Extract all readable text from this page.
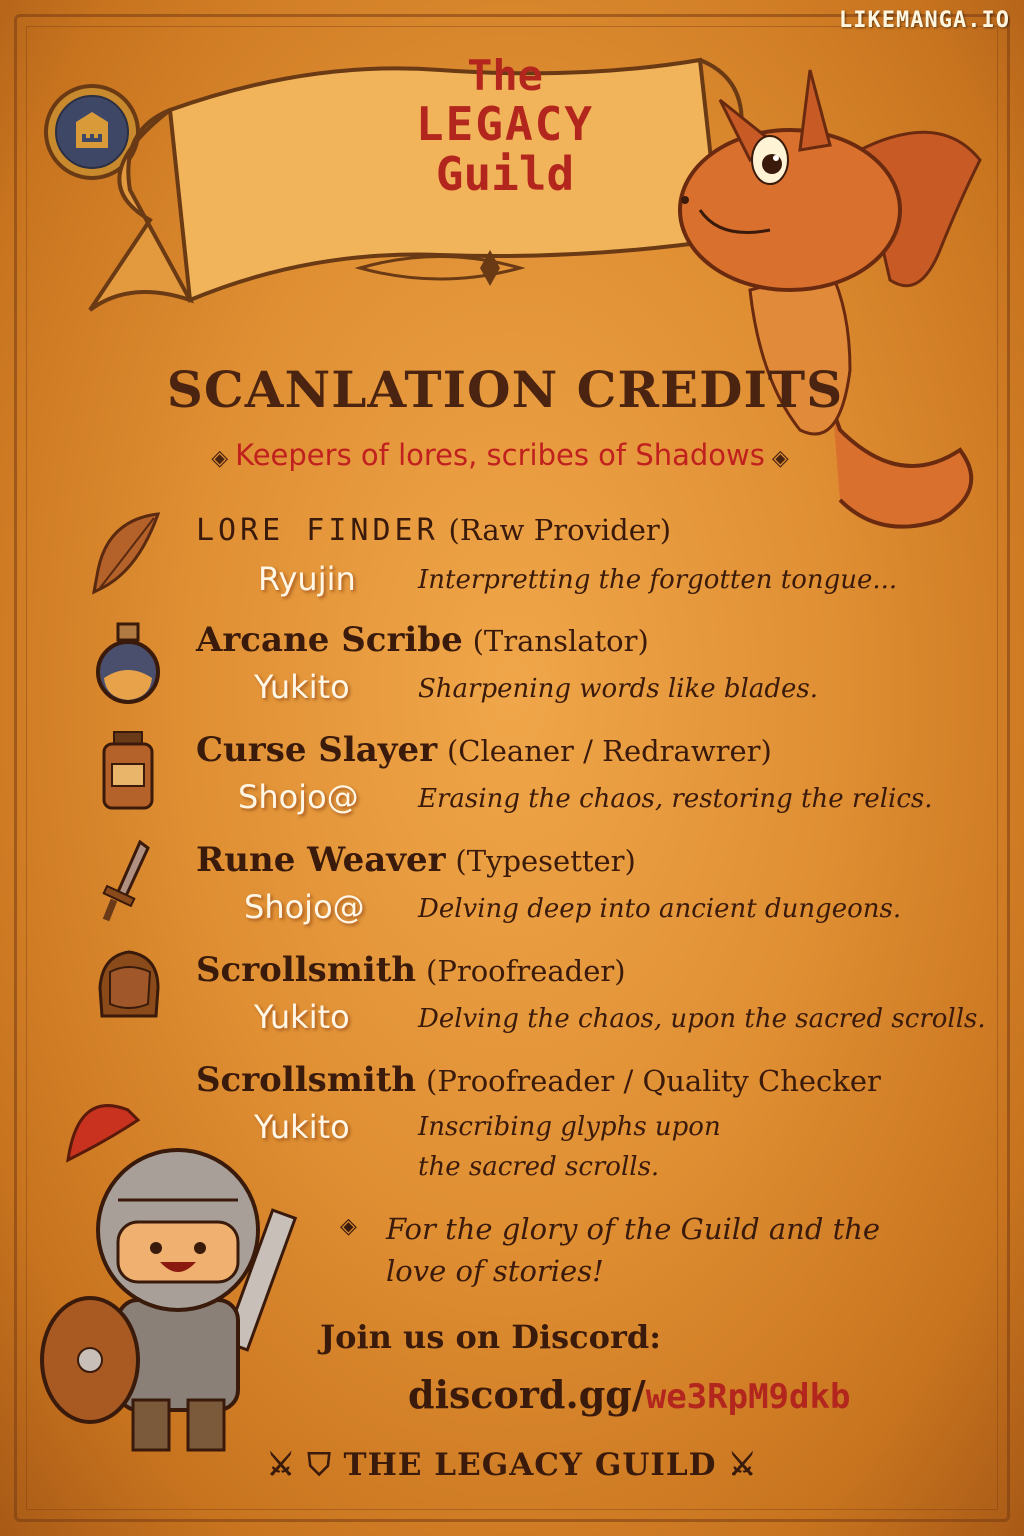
LIKEMANGA.IO
The
LEGACY
Guild
SCANLATION CREDITS
◈ Keepers of lores, scribes of Shadows ◈
LORE FINDER (Raw Provider)
Ryujin Interpretting the forgotten tongue...
Arcane Scribe (Translator)
Yukito	Sharpening words like blades.
Curse Slayer (Cleaner / Redrawrer)
Shojo@ Erasing the chaos, restoring the relics.
Rune Weaver (Typesetter)
Shojo@ Delving deep into ancient dungeons.
Scrollsmith (Proofreader)
Yukito	Delving the chaos, upon the sacred scrolls.
Scrollsmith (Proofreader / Quality Checker
Yukito	Inscribing glyphs upon
the sacred scrolls.
◈ For the glory of the Guild and the love of stories!
Join us on Discord:
discord.gg/we3RpM9dkb
⚔ ⛉ THE LEGACY GUILD ⚔
